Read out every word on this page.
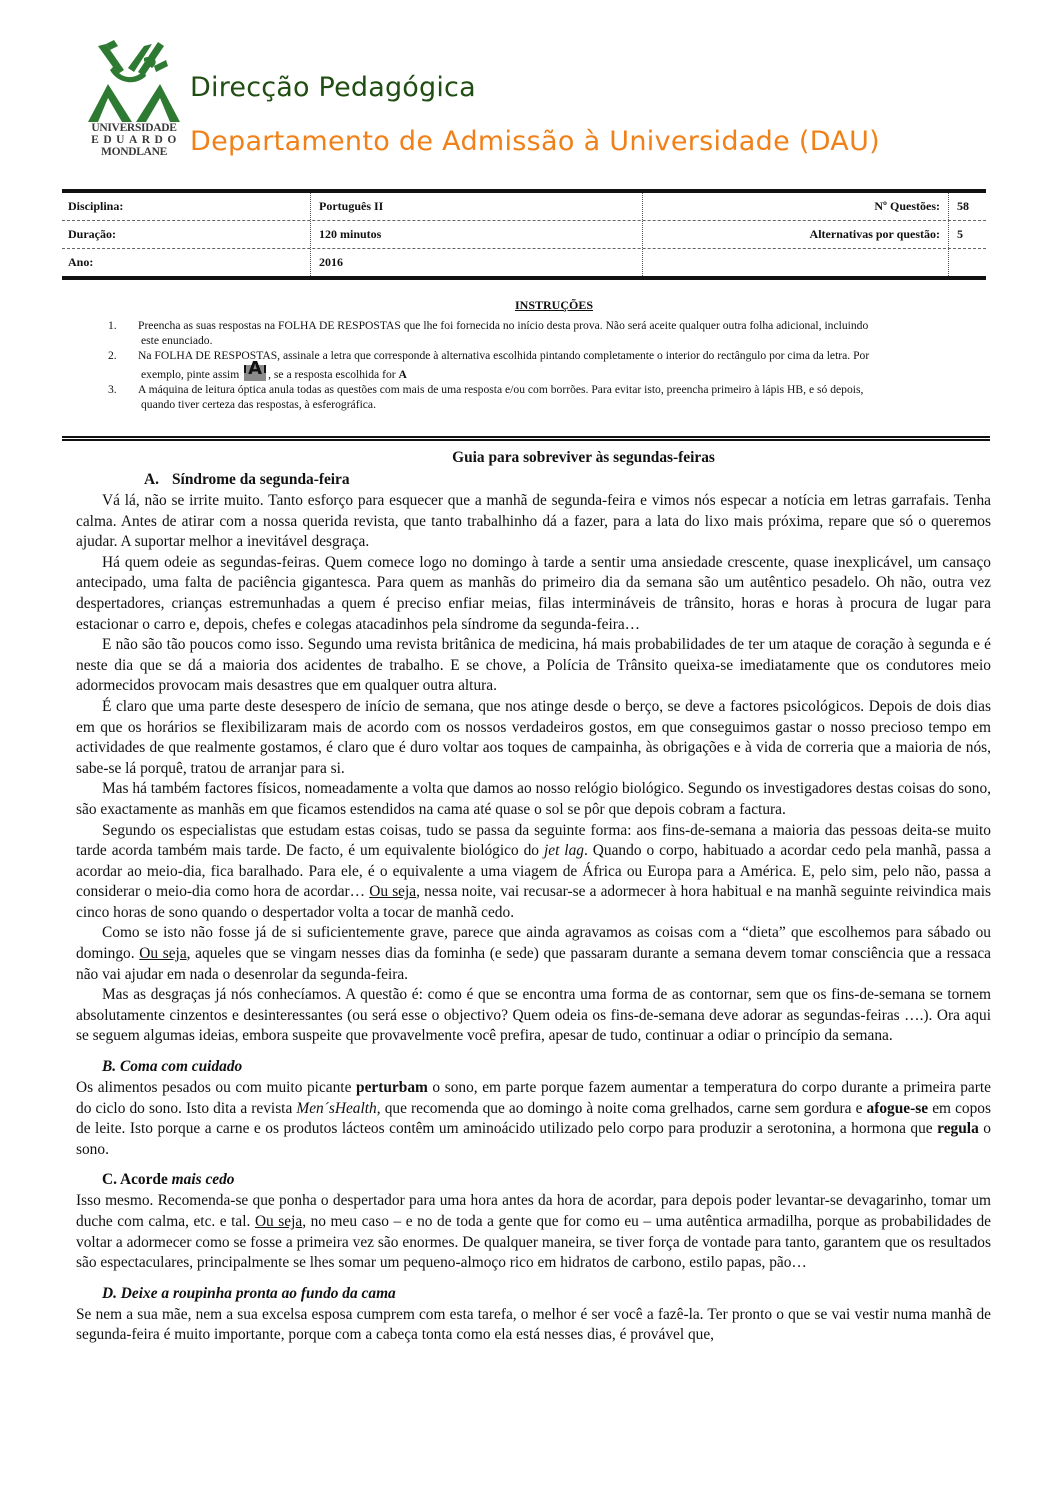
UNIVERSIDADE
EDUARDO
MONDLANE
Direcção Pedagógica
Departamento de Admissão à Universidade (DAU)
Disciplina:	Português II	Nº Questões:	58
Duração:	120 minutos	Alternativas por questão:	5
Ano:	2016
INSTRUÇÕES
1.	Preencha as suas respostas na FOLHA DE RESPOSTAS que lhe foi fornecida no início desta prova. Não será aceite qualquer outra folha adicional, incluindo
este enunciado.
2.	Na FOLHA DE RESPOSTAS, assinale a letra que corresponde à alternativa escolhida pintando completamente o interior do rectângulo por cima da letra. Por
exemplo, pinte assim A , se a resposta escolhida for A
3.	A máquina de leitura óptica anula todas as questões com mais de uma resposta e/ou com borrões. Para evitar isto, preencha primeiro à lápis HB, e só depois,
quando tiver certeza das respostas, à esferográfica.
Guia para sobreviver às segundas-feiras
A. Síndrome da segunda-feira

Vá lá, não se irrite muito. Tanto esforço para esquecer que a manhã de segunda-feira e vimos nós especar a notícia em letras garrafais. Tenha calma. Antes de atirar com a nossa querida revista, que tanto trabalhinho dá a fazer, para a lata do lixo mais próxima, repare que só o queremos ajudar. A suportar melhor a inevitável desgraça.

Há quem odeie as segundas-feiras. Quem comece logo no domingo à tarde a sentir uma ansiedade crescente, quase inexplicável, um cansaço antecipado, uma falta de paciência gigantesca. Para quem as manhãs do primeiro dia da semana são um autêntico pesadelo. Oh não, outra vez despertadores, crianças estremunhadas a quem é preciso enfiar meias, filas intermináveis de trânsito, horas e horas à procura de lugar para estacionar o carro e, depois, chefes e colegas atacadinhos pela síndrome da segunda-feira…

E não são tão poucos como isso. Segundo uma revista britânica de medicina, há mais probabilidades de ter um ataque de coração à segunda e é neste dia que se dá a maioria dos acidentes de trabalho. E se chove, a Polícia de Trânsito queixa-se imediatamente que os condutores meio adormecidos provocam mais desastres que em qualquer outra altura.

É claro que uma parte deste desespero de início de semana, que nos atinge desde o berço, se deve a factores psicológicos. Depois de dois dias em que os horários se flexibilizaram mais de acordo com os nossos verdadeiros gostos, em que conseguimos gastar o nosso precioso tempo em actividades de que realmente gostamos, é claro que é duro voltar aos toques de campainha, às obrigações e à vida de correria que a maioria de nós, sabe-se lá porquê, tratou de arranjar para si.

Mas há também factores físicos, nomeadamente a volta que damos ao nosso relógio biológico. Segundo os investigadores destas coisas do sono, são exactamente as manhãs em que ficamos estendidos na cama até quase o sol se pôr que depois cobram a factura.

Segundo os especialistas que estudam estas coisas, tudo se passa da seguinte forma: aos fins-de-semana a maioria das pessoas deita-se muito tarde acorda também mais tarde. De facto, é um equivalente biológico do jet lag. Quando o corpo, habituado a acordar cedo pela manhã, passa a acordar ao meio-dia, fica baralhado. Para ele, é o equivalente a uma viagem de África ou Europa para a América. E, pelo sim, pelo não, passa a considerar o meio-dia como hora de acordar… Ou seja, nessa noite, vai recusar-se a adormecer à hora habitual e na manhã seguinte reivindica mais cinco horas de sono quando o despertador volta a tocar de manhã cedo.

Como se isto não fosse já de si suficientemente grave, parece que ainda agravamos as coisas com a “dieta” que escolhemos para sábado ou domingo. Ou seja, aqueles que se vingam nesses dias da fominha (e sede) que passaram durante a semana devem tomar consciência que a ressaca não vai ajudar em nada o desenrolar da segunda-feira.

Mas as desgraças já nós conhecíamos. A questão é: como é que se encontra uma forma de as contornar, sem que os fins-de-semana se tornem absolutamente cinzentos e desinteressantes (ou será esse o objectivo? Quem odeia os fins-de-semana deve adorar as segundas-feiras ….). Ora aqui se seguem algumas ideias, embora suspeite que provavelmente você prefira, apesar de tudo, continuar a odiar o princípio da semana.

B. Coma com cuidado

Os alimentos pesados ou com muito picante perturbam o sono, em parte porque fazem aumentar a temperatura do corpo durante a primeira parte do ciclo do sono. Isto dita a revista Men´sHealth, que recomenda que ao domingo à noite coma grelhados, carne sem gordura e afogue-se em copos de leite. Isto porque a carne e os produtos lácteos contêm um aminoácido utilizado pelo corpo para produzir a serotonina, a hormona que regula o sono.

C. Acorde mais cedo

Isso mesmo. Recomenda-se que ponha o despertador para uma hora antes da hora de acordar, para depois poder levantar-se devagarinho, tomar um duche com calma, etc. e tal. Ou seja, no meu caso – e no de toda a gente que for como eu – uma autêntica armadilha, porque as probabilidades de voltar a adormecer como se fosse a primeira vez são enormes. De qualquer maneira, se tiver força de vontade para tanto, garantem que os resultados são espectaculares, principalmente se lhes somar um pequeno-almoço rico em hidratos de carbono, estilo papas, pão…

D. Deixe a roupinha pronta ao fundo da cama

Se nem a sua mãe, nem a sua excelsa esposa cumprem com esta tarefa, o melhor é ser você a fazê-la. Ter pronto o que se vai vestir numa manhã de segunda-feira é muito importante, porque com a cabeça tonta como ela está nesses dias, é provável que,
